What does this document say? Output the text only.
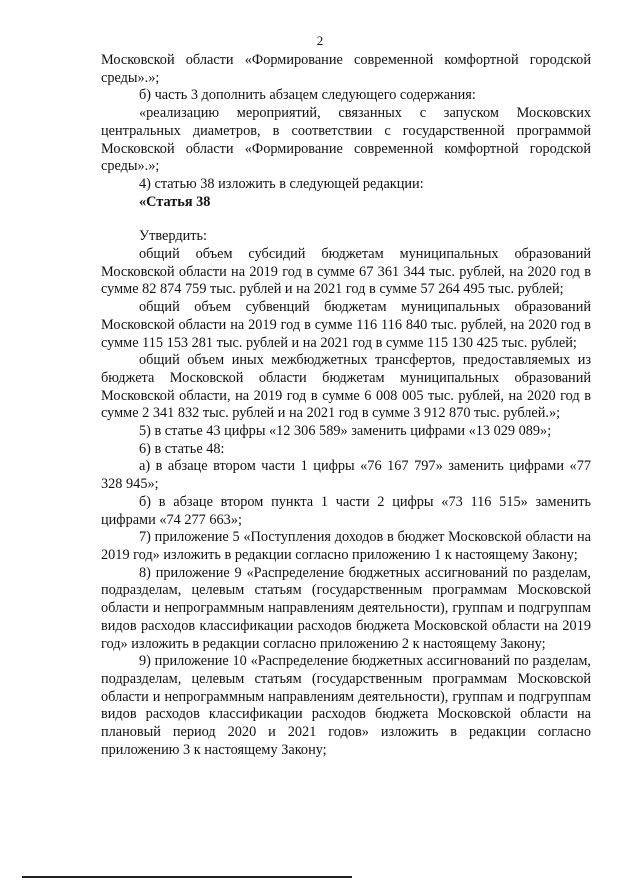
2

Московской области «Формирование современной комфортной городской среды».»;

б) часть 3 дополнить абзацем следующего содержания:

«реализацию мероприятий, связанных с запуском Московских центральных диаметров, в соответствии с государственной программой Московской области «Формирование современной комфортной городской среды».»;

4) статью 38 изложить в следующей редакции:

«Статья 38

Утвердить:

общий объем субсидий бюджетам муниципальных образований Московской области на 2019 год в сумме 67 361 344 тыс. рублей, на 2020 год в сумме 82 874 759 тыс. рублей и на 2021 год в сумме 57 264 495 тыс. рублей;

общий объем субвенций бюджетам муниципальных образований Московской области на 2019 год в сумме 116 116 840 тыс. рублей, на 2020 год в сумме 115 153 281 тыс. рублей и на 2021 год в сумме 115 130 425 тыс. рублей;

общий объем иных межбюджетных трансфертов, предоставляемых из бюджета Московской области бюджетам муниципальных образований Московской области, на 2019 год в сумме 6 008 005 тыс. рублей, на 2020 год в сумме 2 341 832 тыс. рублей и на 2021 год в сумме 3 912 870 тыс. рублей.»;

5) в статье 43 цифры «12 306 589» заменить цифрами «13 029 089»;

6) в статье 48:

а) в абзаце втором части 1 цифры «76 167 797» заменить цифрами «77 328 945»;

б) в абзаце втором пункта 1 части 2 цифры «73 116 515» заменить цифрами «74 277 663»;

7) приложение 5 «Поступления доходов в бюджет Московской области на 2019 год» изложить в редакции согласно приложению 1 к настоящему Закону;

8) приложение 9 «Распределение бюджетных ассигнований по разделам, подразделам, целевым статьям (государственным программам Московской области и непрограммным направлениям деятельности), группам и подгруппам видов расходов классификации расходов бюджета Московской области на 2019 год» изложить в редакции согласно приложению 2 к настоящему Закону;

9) приложение 10 «Распределение бюджетных ассигнований по разделам, подразделам, целевым статьям (государственным программам Московской области и непрограммным направлениям деятельности), группам и подгруппам видов расходов классификации расходов бюджета Московской области на плановый период 2020 и 2021 годов» изложить в редакции согласно приложению 3 к настоящему Закону;
